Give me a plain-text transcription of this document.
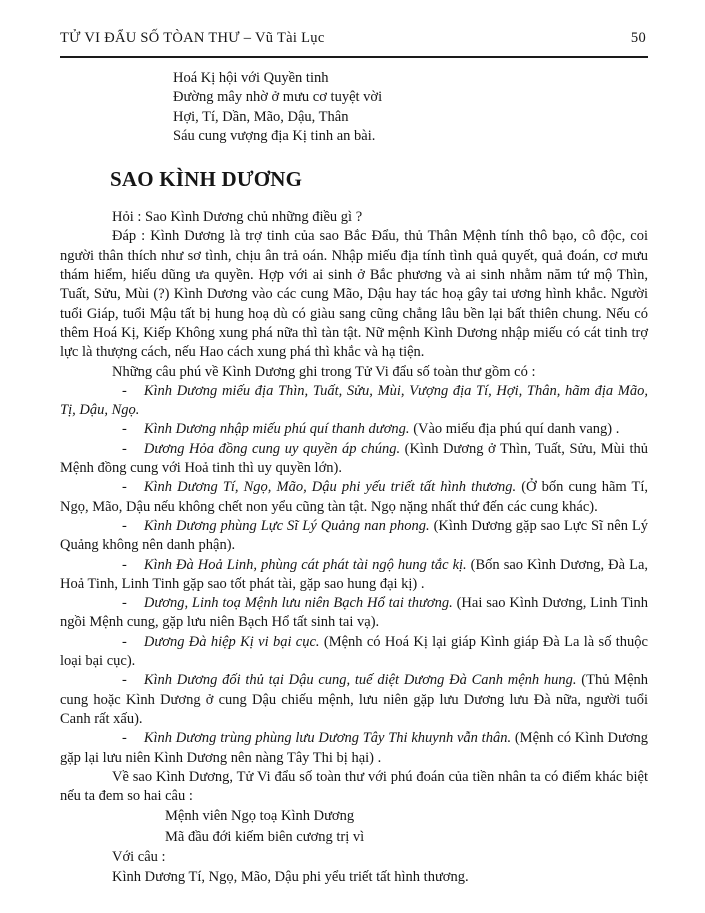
TỬ VI ĐẨU SỐ TÒAN THƯ – Vũ Tài Lục	50
Hoá Kị hội với Quyền tinh
Đường mây nhờ ở mưu cơ tuyệt vời
Hợi, Tí, Dần, Mão, Dậu, Thân
Sáu cung vượng địa Kị tinh an bài.
SAO KÌNH DƯƠNG

Hỏi : Sao Kình Dương chủ những điều gì ?

Đáp : Kình Dương là trợ tinh của sao Bắc Đẩu, thủ Thân Mệnh tính thô bạo, cô độc, coi người thân thích như sơ tình, chịu ân trả oán. Nhập miếu địa tính tình quả quyết, quả đoán, cơ mưu thám hiểm, hiếu dũng ưa quyền. Hợp với ai sinh ở Bắc phương và ai sinh nhằm năm tứ mộ Thìn, Tuất, Sửu, Mùi (?) Kình Dương vào các cung Mão, Dậu hay tác hoạ gây tai ương hình khắc. Người tuổi Giáp, tuổi Mậu tất bị hung hoạ dù có giàu sang cũng chẳng lâu bền lại bất thiên chung. Nếu có thêm Hoá Kị, Kiếp Không xung phá nữa thì tàn tật. Nữ mệnh Kình Dương nhập miếu có cát tinh trợ lực là thượng cách, nếu Hao cách xung phá thì khắc và hạ tiện.

Những câu phú về Kình Dương ghi trong Tử Vi đẩu số toàn thư gồm có :

- Kình Dương miếu địa Thìn, Tuất, Sửu, Mùi, Vượng địa Tí, Hợi, Thân, hãm địa Mão, Tị, Dậu, Ngọ.

- Kình Dương nhập miếu phú quí thanh dương. (Vào miếu địa phú quí danh vang) .

- Dương Hỏa đồng cung uy quyền áp chúng. (Kình Dương ở Thìn, Tuất, Sửu, Mùi thủ Mệnh đồng cung với Hoả tinh thì uy quyền lớn).

- Kình Dương Tí, Ngọ, Mão, Dậu phi yếu triết tất hình thương. (Ở bốn cung hãm Tí, Ngọ, Mão, Dậu nếu không chết non yểu cũng tàn tật. Ngọ nặng nhất thứ đến các cung khác).

- Kình Dương phùng Lực Sĩ Lý Quảng nan phong. (Kình Dương gặp sao Lực Sĩ nên Lý Quảng không nên danh phận).

- Kình Đà Hoả Linh, phùng cát phát tài ngộ hung tắc kị. (Bốn sao Kình Dương, Đà La, Hoả Tinh, Linh Tinh gặp sao tốt phát tài, gặp sao hung đại kị) .

- Dương, Linh toạ Mệnh lưu niên Bạch Hổ tai thương. (Hai sao Kình Dương, Linh Tinh ngồi Mệnh cung, gặp lưu niên Bạch Hổ tất sinh tai vạ).

- Dương Đà hiệp Kị vi bại cục. (Mệnh có Hoá Kị lại giáp Kình giáp Đà La là số thuộc loại bại cục).

- Kình Dương đối thủ tại Dậu cung, tuế diệt Dương Đà Canh mệnh hung. (Thủ Mệnh cung hoặc Kình Dương ở cung Dậu chiếu mệnh, lưu niên gặp lưu Dương lưu Đà nữa, người tuổi Canh rất xấu).

- Kình Dương trùng phùng lưu Dương Tây Thi khuynh vẫn thân. (Mệnh có Kình Dương gặp lại lưu niên Kình Dương nên nàng Tây Thi bị hại) .

Về sao Kình Dương, Tử Vi đẩu số toàn thư với phú đoán của tiền nhân ta có điểm khác biệt nếu ta đem so hai câu :

Mệnh viên Ngọ toạ Kình Dương
Mã đầu đới kiếm biên cương trị vì

Với câu :

Kình Dương Tí, Ngọ, Mão, Dậu phi yểu triết tất hình thương.
